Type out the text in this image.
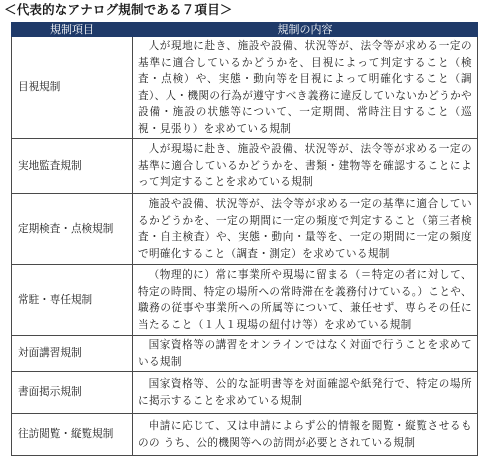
＜代表的なアナログ規制である７項目＞
規制項目	規制の内容
目視規制	人が現地に赴き、施設や設備、状況等が、法令等が求める一定の基準に適合しているかどうかを、目視によって判定すること（検査・点検）や、実態・動向等を目視によって明確化すること（調査）、人・機関の行為が遵守すべき義務に違反していないかどうかや設備・施設の状態等について、一定期間、常時注目すること（巡視・見張り）を求めている規制
実地監査規制	人が現場に赴き、施設や設備、状況等が、法令等が求める一定の基準に適合しているかどうかを、書類・建物等を確認することによって判定することを求めている規制
定期検査・点検規制	施設や設備、状況等が、法令等が求める一定の基準に適合しているかどうかを、一定の期間に一定の頻度で判定すること（第三者検査・自主検査）や、実態・動向・量等を、一定の期間に一定の頻度で明確化すること（調査・測定）を求めている規制
常駐・専任規制	（物理的に）常に事業所や現場に留まる（＝特定の者に対して、特定の時間、特定の場所への常時滞在を義務付けている。）ことや、職務の従事や事業所への所属等について、兼任せず、専らその任に当たること（１人１現場の紐付け等）を求めている規制
対面講習規制	国家資格等の講習をオンラインではなく対面で行うことを求めている規制
書面掲示規制	国家資格等、公的な証明書等を対面確認や紙発行で、特定の場所に掲示することを求めている規制
往訪閲覧・縦覧規制	申請に応じて、又は申請によらず公的情報を閲覧・縦覧させるものの うち、公的機関等への訪問が必要とされている規制
